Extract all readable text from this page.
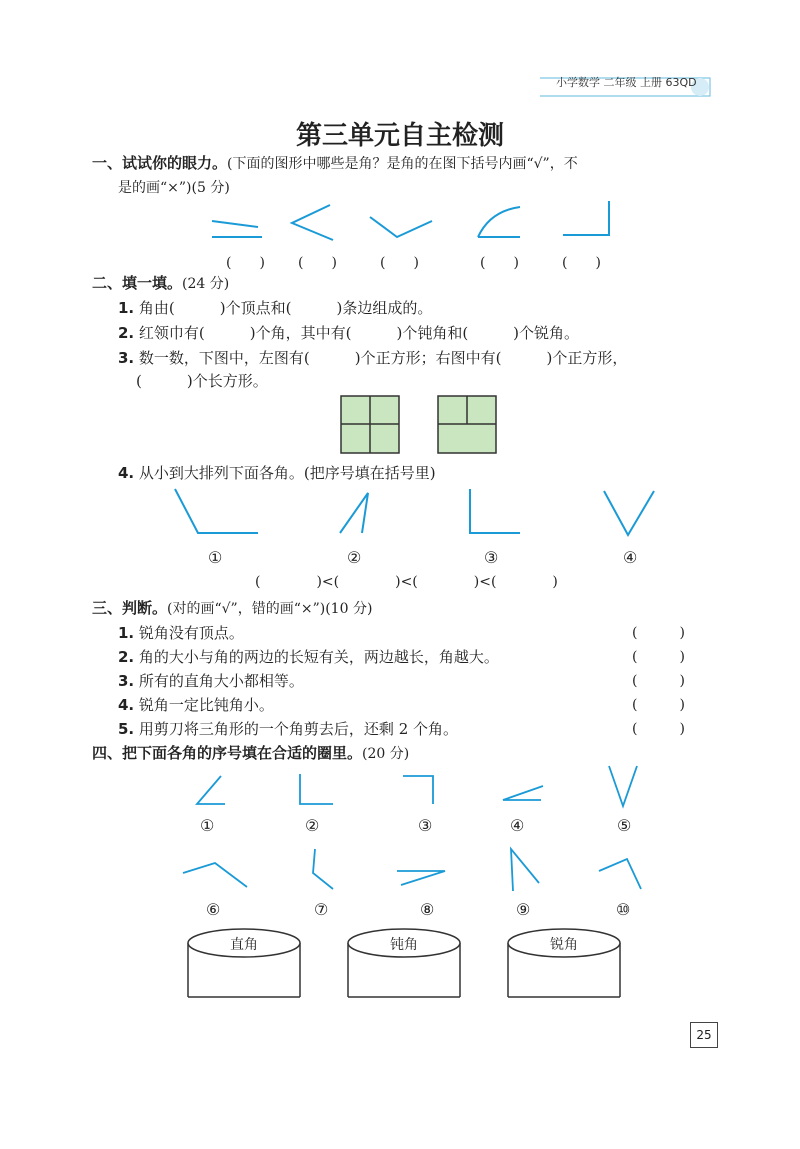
小学数学 二年级 上册 63QD
第三单元自主检测
一、试试你的眼力。(下面的图形中哪些是角？是角的在图下括号内画“√”，不
是的画“×”)(5 分)
(　　) (　　)	(　　)	(　　)	(　　)
二、填一填。(24 分)
1. 角由(　　　)个顶点和(　　　)条边组成的。
2. 红领巾有(　　　)个角，其中有(　　　)个钝角和(　　　)个锐角。
3. 数一数，下图中，左图有(　　　)个正方形；右图中有(　　　)个正方形，
(　　　)个长方形。
4. 从小到大排列下面各角。(把序号填在括号里)
①	②	③	④
(　　　　)<(　　　　)<(　　　　)<(　　　　)
三、判断。(对的画“√”，错的画“×”)(10 分)
1. 锐角没有顶点。	(　　　)
2. 角的大小与角的两边的长短有关，两边越长，角越大。	(　　　)
3. 所有的直角大小都相等。	(　　　)
4. 锐角一定比钝角小。	(　　　)
5. 用剪刀将三角形的一个角剪去后，还剩 2 个角。	(　　　)
四、把下面各角的序号填在合适的圈里。(20 分)
①	②	③	④	⑤
⑥	⑦	⑧	⑨	⑩
直角	钝角	锐角
25
